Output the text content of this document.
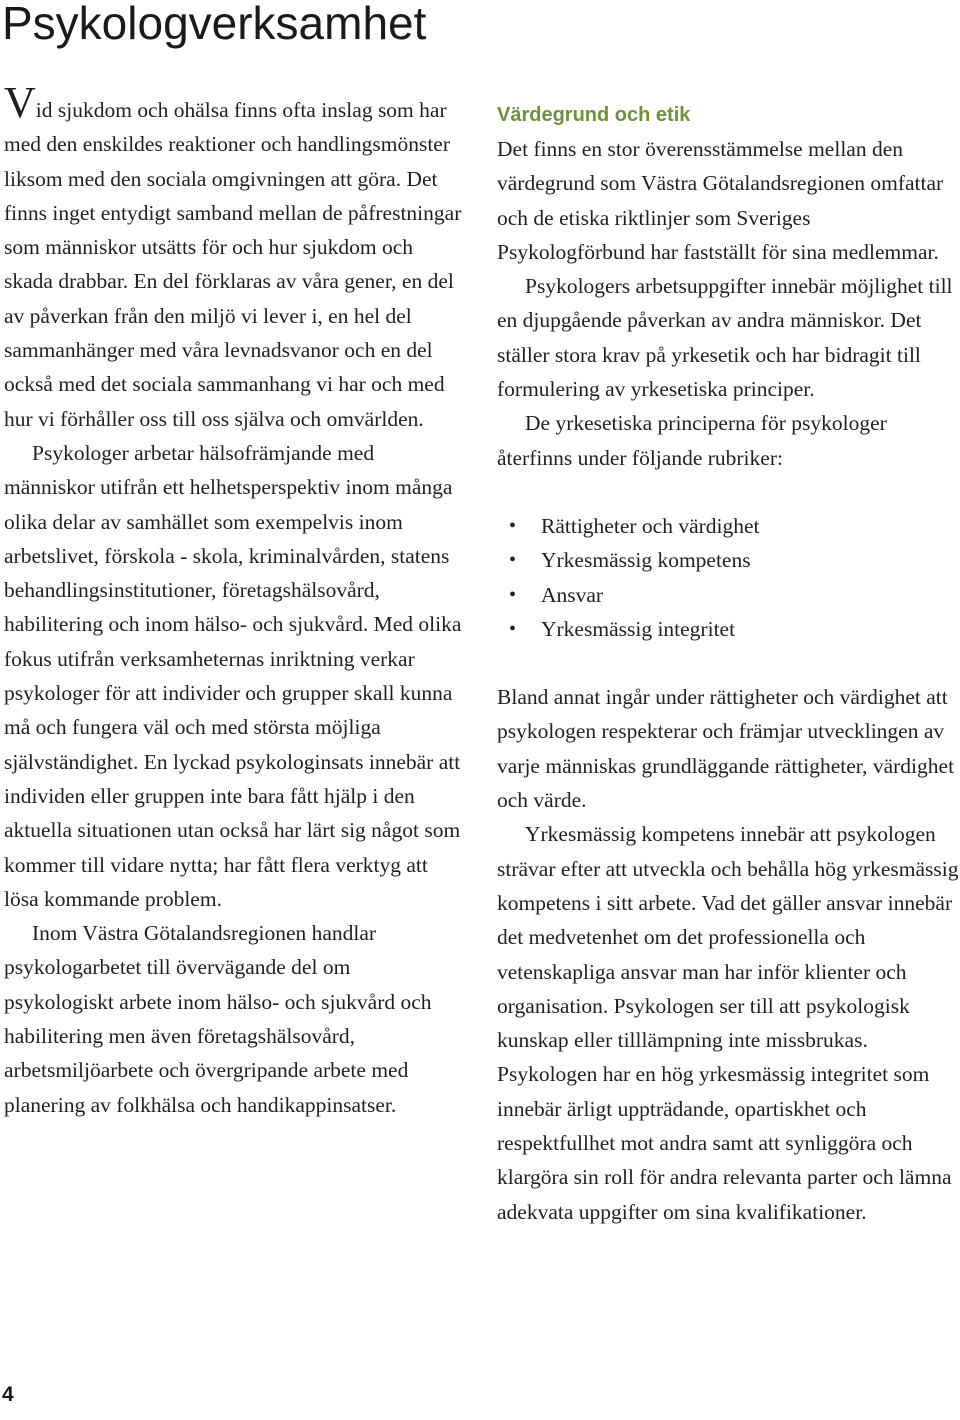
Psykologverksamhet

Vid sjukdom och ohälsa finns ofta inslag som har med den enskildes reaktioner och handlingsmönster liksom med den sociala omgivningen att göra. Det finns inget entydigt samband mellan de påfrestningar som människor utsätts för och hur sjukdom och skada drabbar. En del förklaras av våra gener, en del av påverkan från den miljö vi lever i, en hel del sammanhänger med våra levnadsvanor och en del också med det sociala sammanhang vi har och med hur vi förhåller oss till oss själva och omvärlden.

Psykologer arbetar hälsofrämjande med människor utifrån ett helhetsperspektiv inom många olika delar av samhället som exempelvis inom arbetslivet, förskola - skola, kriminalvården, statens behandlingsinstitutioner, företagshälsovård, habilitering och inom hälso- och sjukvård. Med olika fokus utifrån verksamheternas inriktning verkar psykologer för att individer och grupper skall kunna må och fungera väl och med största möjliga självständighet. En lyckad psykologinsats innebär att individen eller gruppen inte bara fått hjälp i den aktuella situationen utan också har lärt sig något som kommer till vidare nytta; har fått flera verktyg att lösa kommande problem.

Inom Västra Götalandsregionen handlar psykologarbetet till övervägande del om psykologiskt arbete inom hälso- och sjukvård och habilitering men även företagshälsovård, arbetsmiljöarbete och övergripande arbete med planering av folkhälsa och handikappinsatser.

Värdegrund och etik

Det finns en stor överensstämmelse mellan den värdegrund som Västra Götalandsregionen omfattar och de etiska riktlinjer som Sveriges Psykologförbund har fastställt för sina medlemmar.

Psykologers arbetsuppgifter innebär möjlighet till en djupgående påverkan av andra människor. Det ställer stora krav på yrkesetik och har bidragit till formulering av yrkesetiska principer.

De yrkesetiska principerna för psykologer återfinns under följande rubriker:

• Rättigheter och värdighet
• Yrkesmässig kompetens
• Ansvar
• Yrkesmässig integritet

Bland annat ingår under rättigheter och värdighet att psykologen respekterar och främjar utvecklingen av varje människas grundläggande rättigheter, värdighet och värde.

Yrkesmässig kompetens innebär att psykologen strävar efter att utveckla och behålla hög yrkesmässig kompetens i sitt arbete. Vad det gäller ansvar innebär det medvetenhet om det professionella och vetenskapliga ansvar man har inför klienter och organisation. Psykologen ser till att psykologisk kunskap eller tilllämpning inte missbrukas. Psykologen har en hög yrkesmässig integritet som innebär ärligt uppträdande, opartiskhet och respektfullhet mot andra samt att synliggöra och klargöra sin roll för andra relevanta parter och lämna adekvata uppgifter om sina kvalifikationer.

4
